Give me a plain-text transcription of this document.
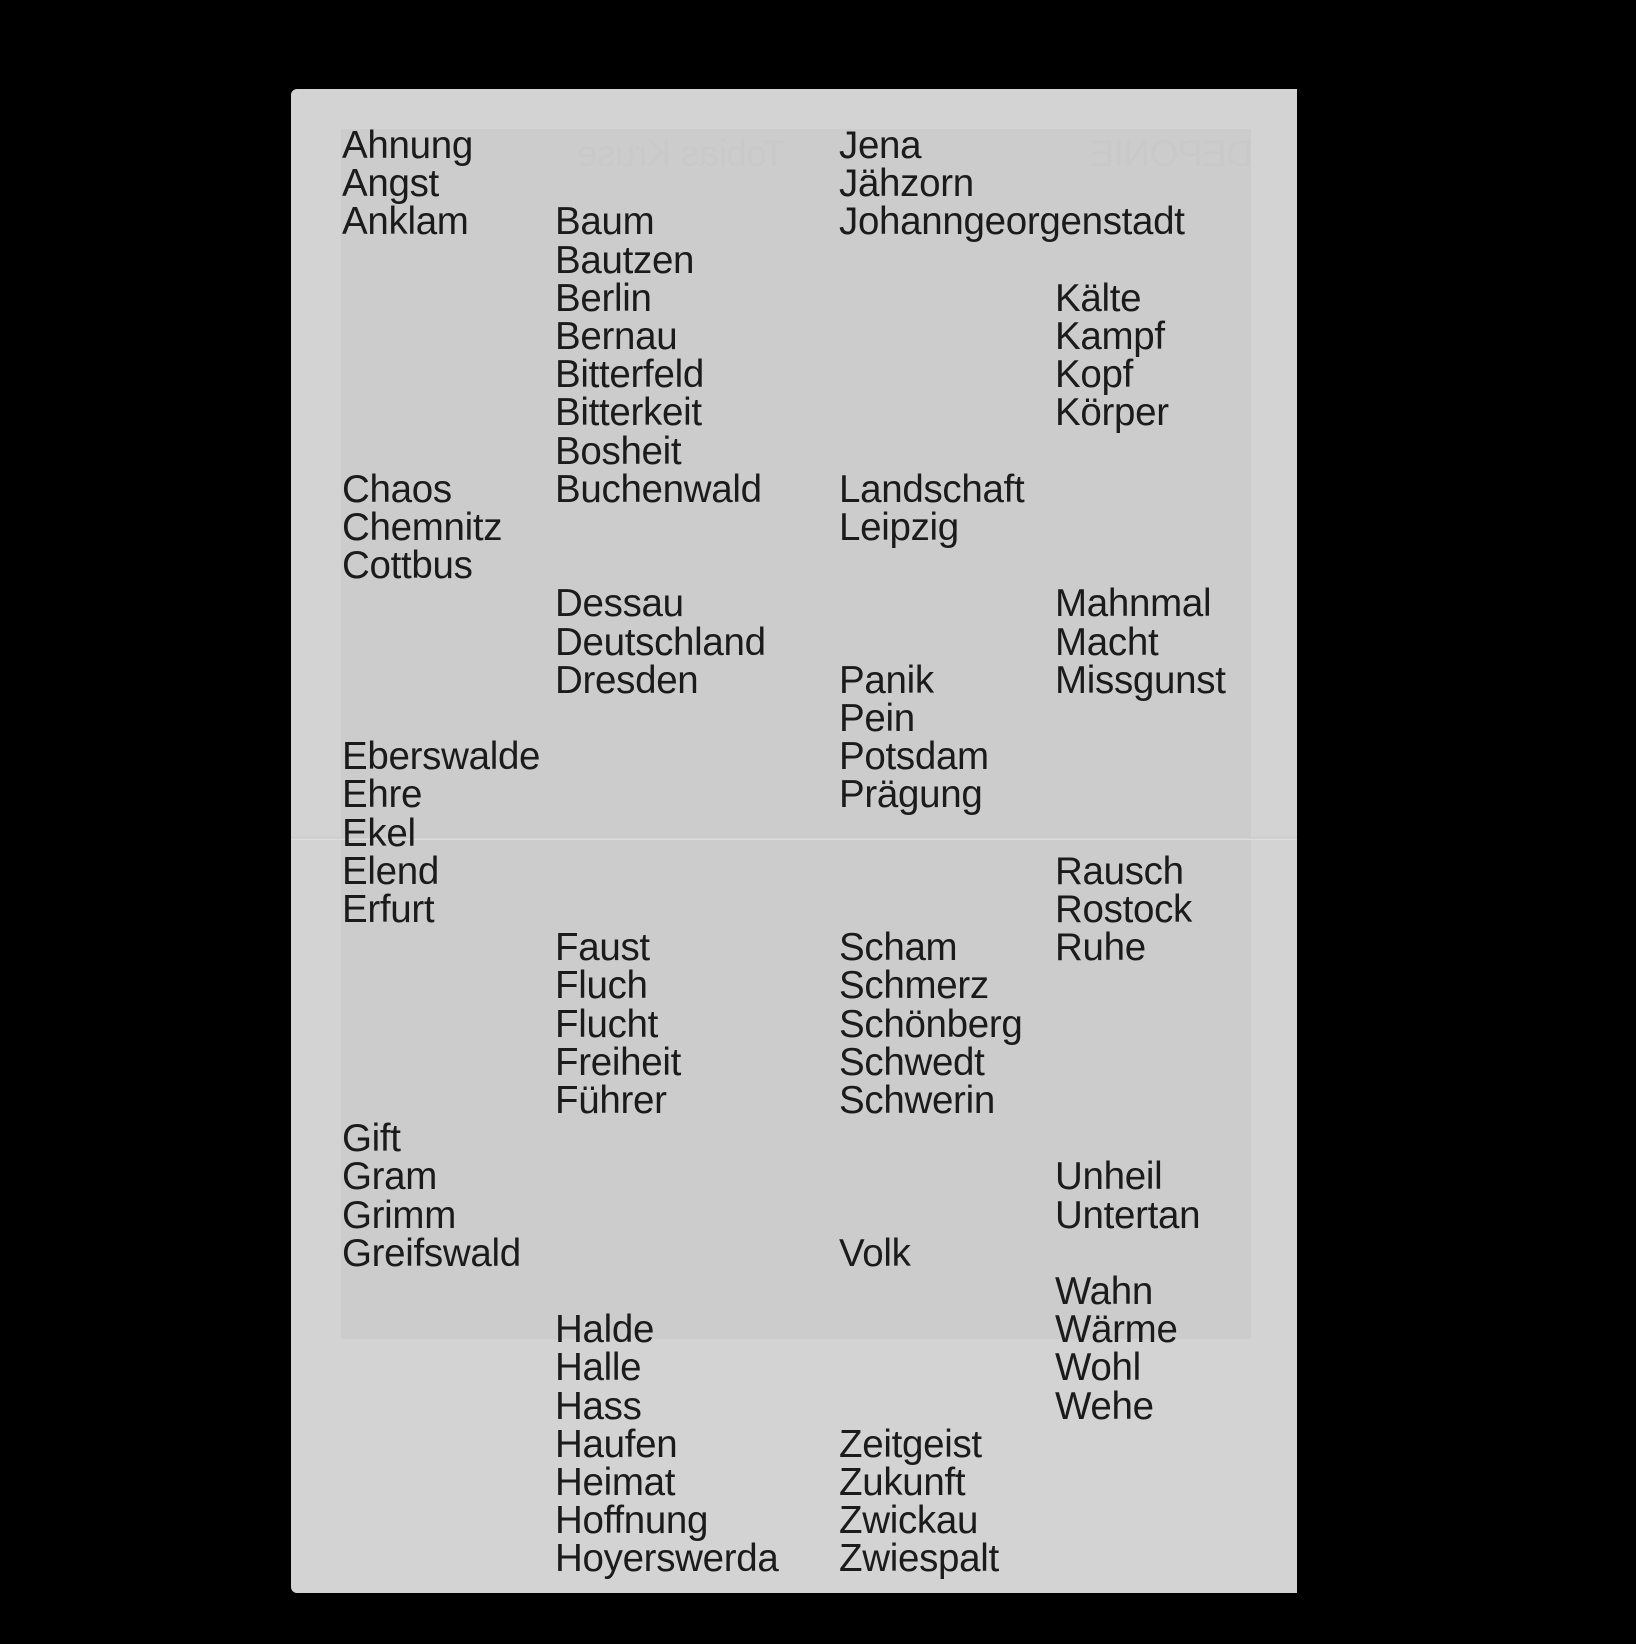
Tobias Kruse	DEPONIE
Ahnung
Angst
Anklam
Chaos
Chemnitz
Cottbus
Eberswalde
Ehre
Ekel
Elend
Erfurt
Gift
Gram
Grimm
Greifswald
Baum
Bautzen
Berlin
Bernau
Bitterfeld
Bitterkeit
Bosheit
Buchenwald
Dessau
Deutschland
Dresden
Faust
Fluch
Flucht
Freiheit
Führer
Halde
Halle
Hass
Haufen
Heimat
Hoffnung
Hoyerswerda
Jena
Jähzorn
Johanngeorgenstadt
Landschaft
Leipzig
Panik
Pein
Potsdam
Prägung
Scham
Schmerz
Schönberg
Schwedt
Schwerin
Volk
Zeitgeist
Zukunft
Zwickau
Zwiespalt
Kälte
Kampf
Kopf
Körper
Mahnmal
Macht
Missgunst
Rausch
Rostock
Ruhe
Unheil
Untertan
Wahn
Wärme
Wohl
Wehe
